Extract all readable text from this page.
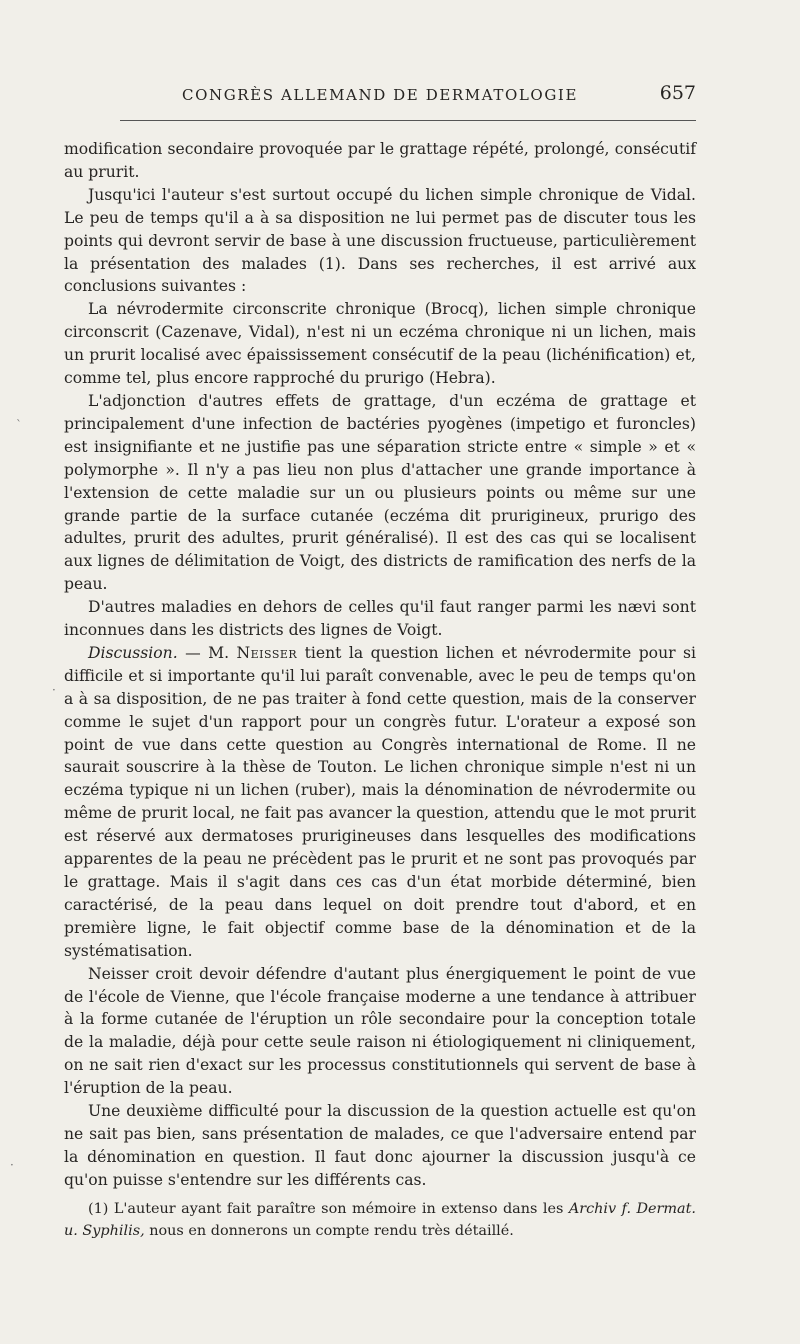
CONGRÈS ALLEMAND DE DERMATOLOGIE	657

modification secondaire provoquée par le grattage répété, prolongé, consécutif au prurit.

Jusqu'ici l'auteur s'est surtout occupé du lichen simple chronique de Vidal. Le peu de temps qu'il a à sa disposition ne lui permet pas de discuter tous les points qui devront servir de base à une discussion fructueuse, particulièrement la présentation des malades (1). Dans ses recherches, il est arrivé aux conclusions suivantes :

La névrodermite circonscrite chronique (Brocq), lichen simple chronique circonscrit (Cazenave, Vidal), n'est ni un eczéma chronique ni un lichen, mais un prurit localisé avec épaississement consécutif de la peau (lichénification) et, comme tel, plus encore rapproché du prurigo (Hebra).

L'adjonction d'autres effets de grattage, d'un eczéma de grattage et principalement d'une infection de bactéries pyogènes (impetigo et furoncles) est insignifiante et ne justifie pas une séparation stricte entre « simple » et « polymorphe ». Il n'y a pas lieu non plus d'attacher une grande importance à l'extension de cette maladie sur un ou plusieurs points ou même sur une grande partie de la surface cutanée (eczéma dit prurigineux, prurigo des adultes, prurit des adultes, prurit généralisé). Il est des cas qui se localisent aux lignes de délimitation de Voigt, des districts de ramification des nerfs de la peau.

D'autres maladies en dehors de celles qu'il faut ranger parmi les nævi sont inconnues dans les districts des lignes de Voigt.

Discussion. — M. Neisser tient la question lichen et névrodermite pour si difficile et si importante qu'il lui paraît convenable, avec le peu de temps qu'on a à sa disposition, de ne pas traiter à fond cette question, mais de la conserver comme le sujet d'un rapport pour un congrès futur. L'orateur a exposé son point de vue dans cette question au Congrès international de Rome. Il ne saurait souscrire à la thèse de Touton. Le lichen chronique simple n'est ni un eczéma typique ni un lichen (ruber), mais la dénomination de névrodermite ou même de prurit local, ne fait pas avancer la question, attendu que le mot prurit est réservé aux dermatoses prurigineuses dans lesquelles des modifications apparentes de la peau ne précèdent pas le prurit et ne sont pas provoqués par le grattage. Mais il s'agit dans ces cas d'un état morbide déterminé, bien caractérisé, de la peau dans lequel on doit prendre tout d'abord, et en première ligne, le fait objectif comme base de la dénomination et de la systématisation.

Neisser croit devoir défendre d'autant plus énergiquement le point de vue de l'école de Vienne, que l'école française moderne a une tendance à attribuer à la forme cutanée de l'éruption un rôle secondaire pour la conception totale de la maladie, déjà pour cette seule raison ni étiologiquement ni cliniquement, on ne sait rien d'exact sur les processus constitutionnels qui servent de base à l'éruption de la peau.

Une deuxième difficulté pour la discussion de la question actuelle est qu'on ne sait pas bien, sans présentation de malades, ce que l'adversaire entend par la dénomination en question. Il faut donc ajourner la discussion jusqu'à ce qu'on puisse s'entendre sur les différents cas.

(1) L'auteur ayant fait paraître son mémoire in extenso dans les Archiv f. Dermat. u. Syphilis, nous en donnerons un compte rendu très détaillé.

ˋ
·
·
